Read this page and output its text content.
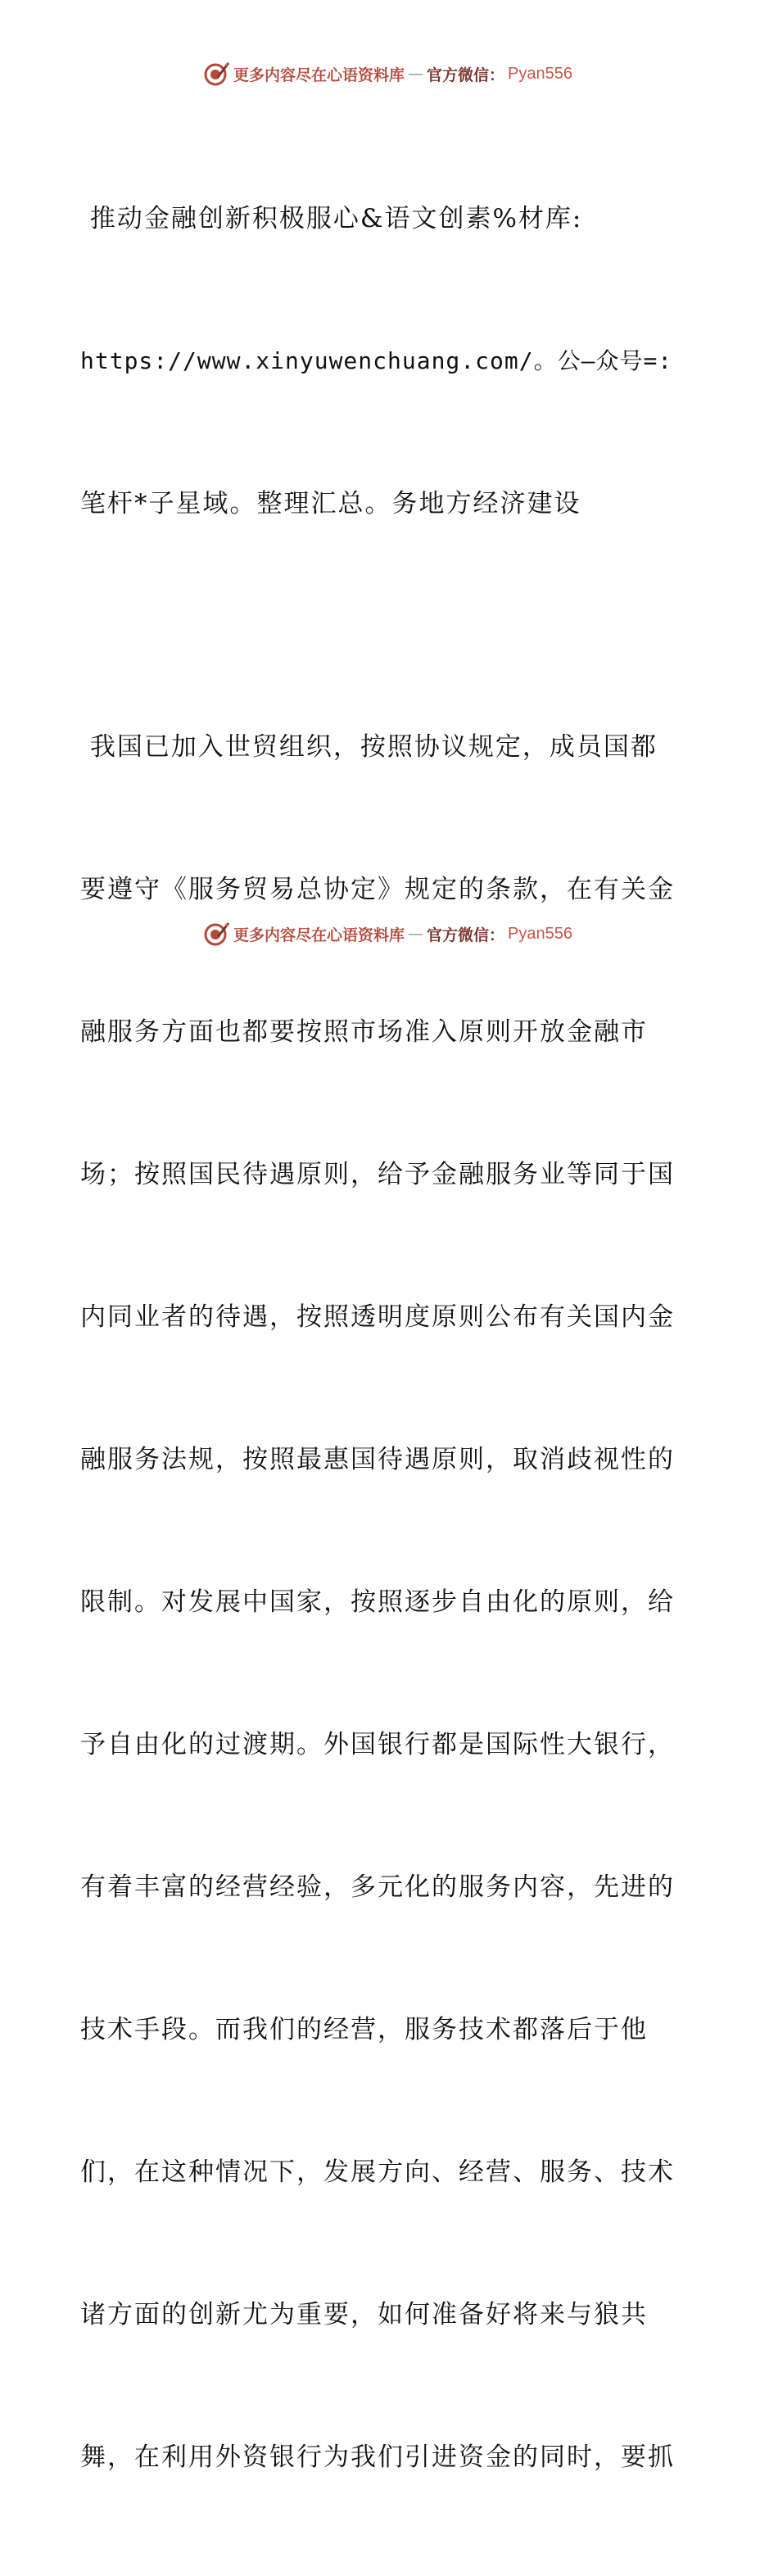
更多内容尽在心语资料库 — 官方微信： Pyan556

推动金融创新积极服心&语文创素%材库:

https://www.xinyuwenchuang.com/。公—众号=:

笔杆*子星域。整理汇总。务地方经济建设

我国已加入世贸组织，按照协议规定，成员国都

要遵守《服务贸易总协定》规定的条款，在有关金

融服务方面也都要按照市场准入原则开放金融市

场；按照国民待遇原则，给予金融服务业等同于国

内同业者的待遇，按照透明度原则公布有关国内金

融服务法规，按照最惠国待遇原则，取消歧视性的

限制。对发展中国家，按照逐步自由化的原则，给

予自由化的过渡期。外国银行都是国际性大银行，

有着丰富的经营经验，多元化的服务内容，先进的

技术手段。而我们的经营，服务技术都落后于他

们，在这种情况下，发展方向、经营、服务、技术

诸方面的创新尤为重要，如何准备好将来与狼共

舞，在利用外资银行为我们引进资金的同时，要抓

更多内容尽在心语资料库 — 官方微信： Pyan556
